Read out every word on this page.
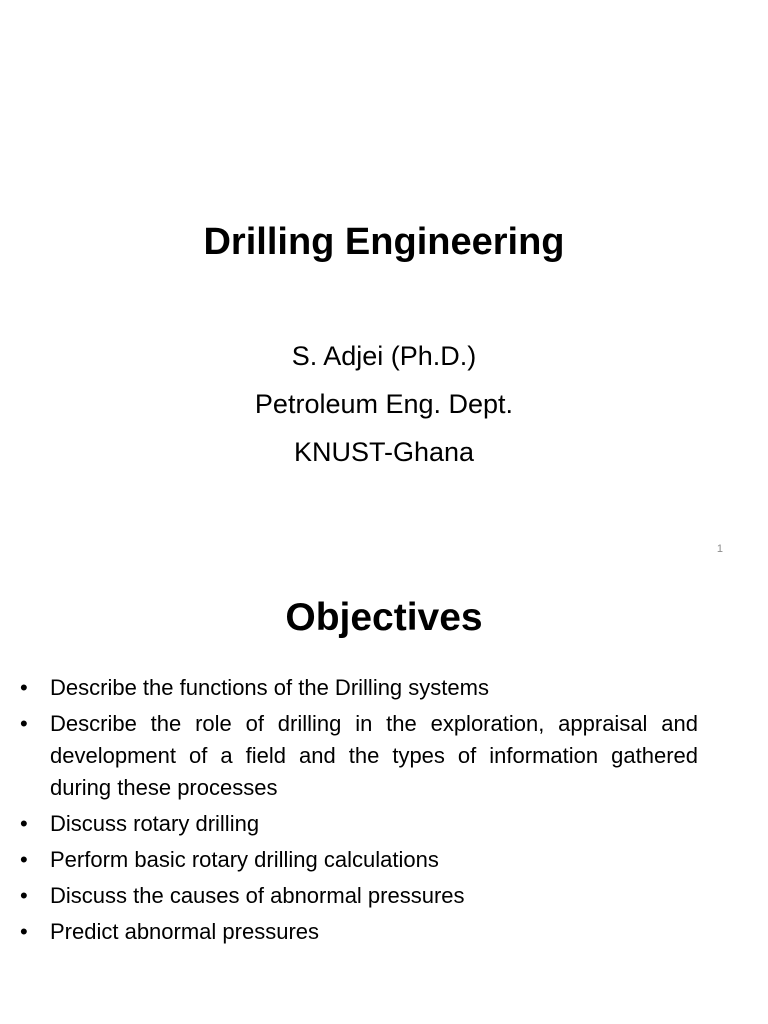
Drilling Engineering
S. Adjei (Ph.D.)
Petroleum Eng. Dept.
KNUST-Ghana
1
Objectives
• Describe the functions of the Drilling systems
• Describe the role of drilling in the exploration, appraisal and development of a field and the types of information gathered during these processes
• Discuss rotary drilling
• Perform basic rotary drilling calculations
• Discuss the causes of abnormal pressures
• Predict abnormal pressures
